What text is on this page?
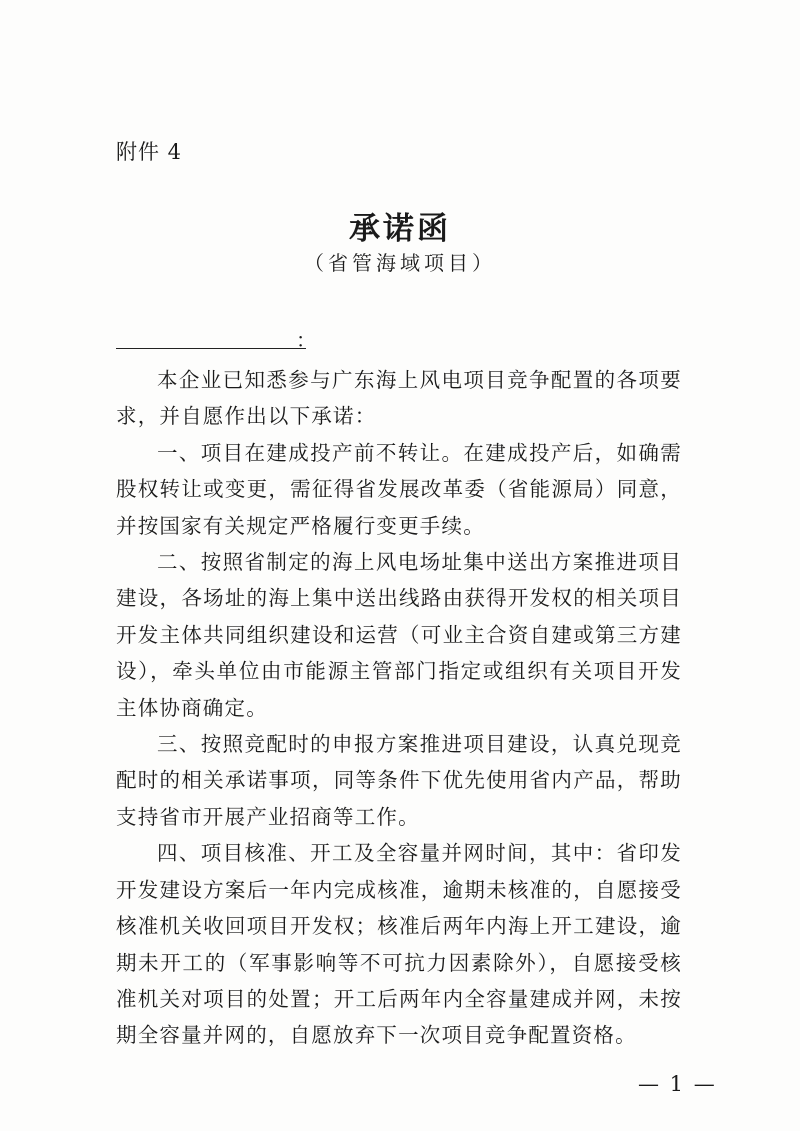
附件 4
承诺函
（省管海域项目）
：

本企业已知悉参与广东海上风电项目竞争配置的各项要求，并自愿作出以下承诺：

一、项目在建成投产前不转让。在建成投产后，如确需股权转让或变更，需征得省发展改革委（省能源局）同意，并按国家有关规定严格履行变更手续。

二、按照省制定的海上风电场址集中送出方案推进项目建设，各场址的海上集中送出线路由获得开发权的相关项目开发主体共同组织建设和运营（可业主合资自建或第三方建设），牵头单位由市能源主管部门指定或组织有关项目开发主体协商确定。

三、按照竞配时的申报方案推进项目建设，认真兑现竞配时的相关承诺事项，同等条件下优先使用省内产品，帮助支持省市开展产业招商等工作。

四、项目核准、开工及全容量并网时间，其中：省印发开发建设方案后一年内完成核准，逾期未核准的，自愿接受核准机关收回项目开发权；核准后两年内海上开工建设，逾期未开工的（军事影响等不可抗力因素除外），自愿接受核准机关对项目的处置；开工后两年内全容量建成并网，未按期全容量并网的，自愿放弃下一次项目竞争配置资格。

— 1 —
